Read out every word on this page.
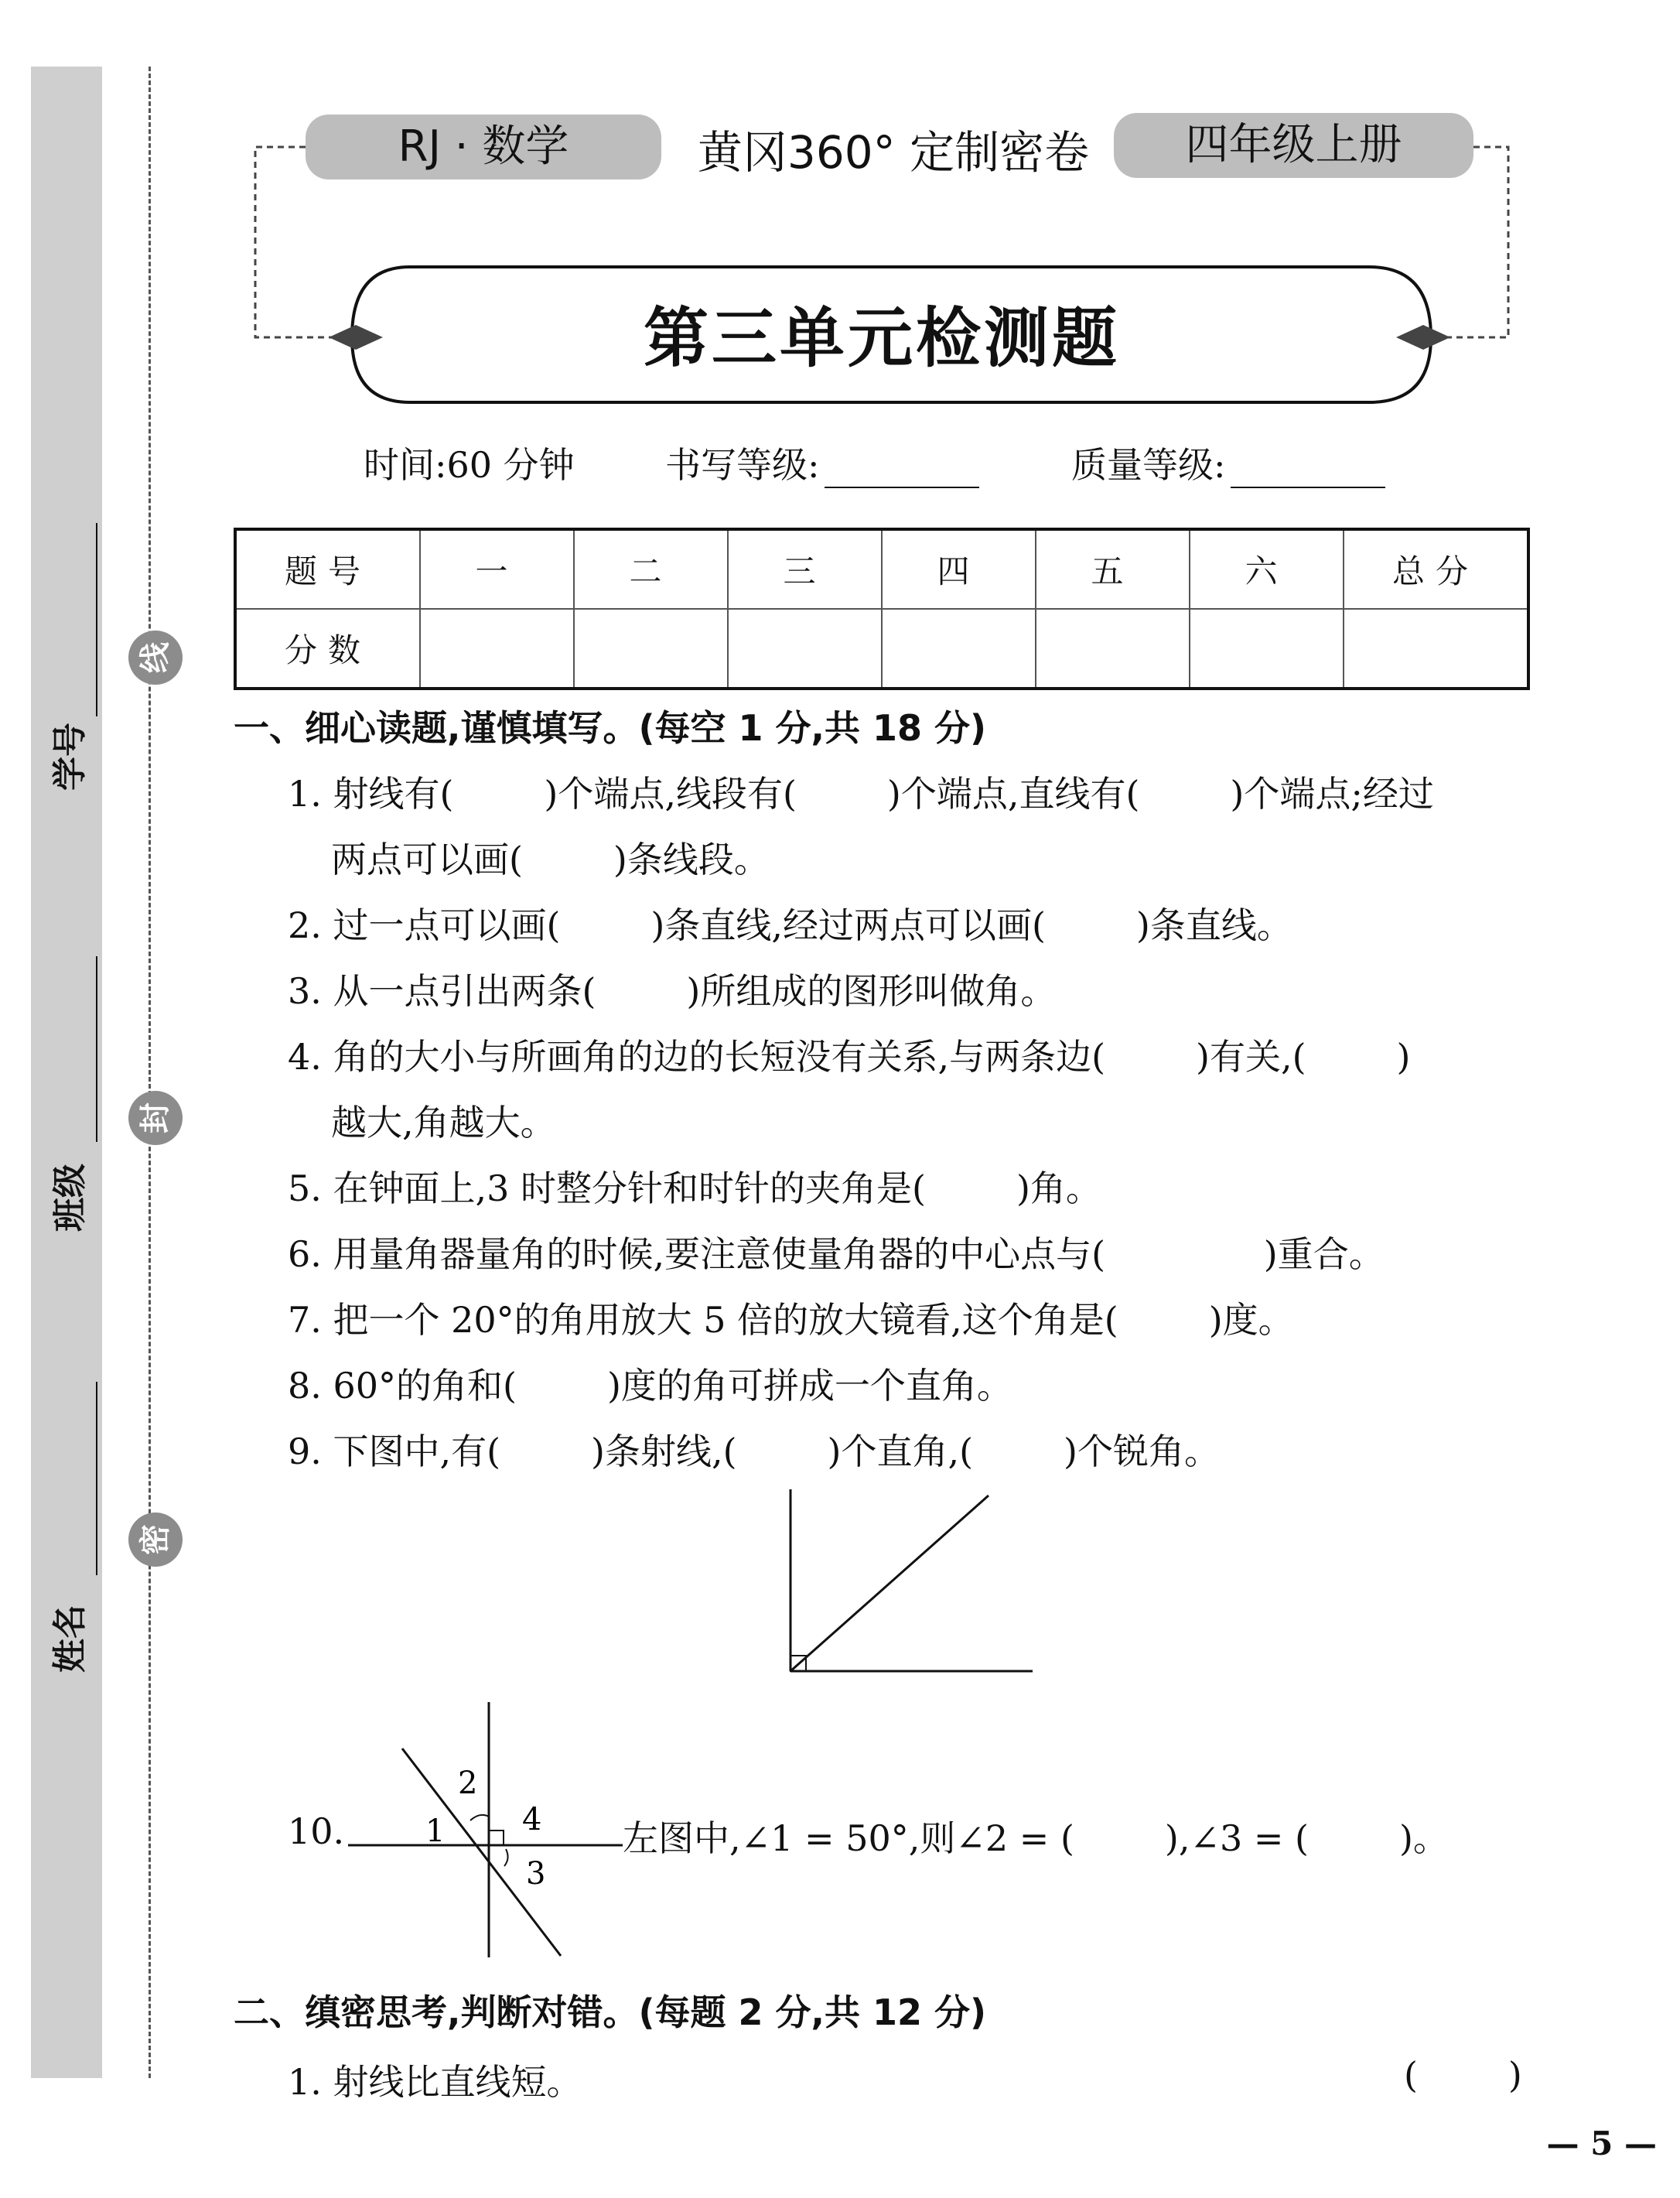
学号
班级
姓名
线
封
密
RJ · 数学	黄冈360° 定制密卷	四年级上册
第三单元检测题
时间:60 分钟	书写等级:	质量等级:
题号	一	二	三	四	五	六	总分
分数							
一、细心读题,谨慎填写。(每空 1 分,共 18 分)
1. 射线有(        )个端点,线段有(        )个端点,直线有(        )个端点;经过
两点可以画(        )条线段。
2. 过一点可以画(        )条直线,经过两点可以画(        )条直线。
3. 从一点引出两条(        )所组成的图形叫做角。
4. 角的大小与所画角的边的长短没有关系,与两条边(        )有关,(        )
越大,角越大。
5. 在钟面上,3 时整分针和时针的夹角是(        )角。
6. 用量角器量角的时候,要注意使量角器的中心点与(              )重合。
7. 把一个 20°的角用放大 5 倍的放大镜看,这个角是(        )度。
8. 60°的角和(        )度的角可拼成一个直角。
9. 下图中,有(        )条射线,(        )个直角,(        )个锐角。
10.	1
2
3
4 左图中,∠1 = 50°,则∠2 = (        ),∠3 = (        )。
二、缜密思考,判断对错。(每题 2 分,共 12 分)
1. 射线比直线短。	(        )
— 5 —
